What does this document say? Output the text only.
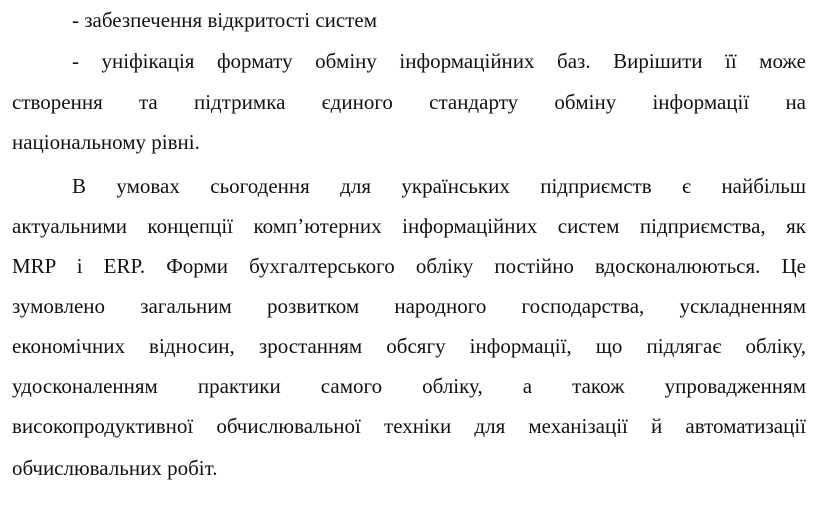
- забезпечення відкритості систем
- уніфікація формату обміну інформаційних баз. Вирішити її може
створення та підтримка єдиного стандарту обміну інформації на
національному рівні.
В умовах сьогодення для українських підприємств є найбільш
актуальними концепції комп’ютерних інформаційних систем підприємства, як
MRP і ERP. Форми бухгалтерського обліку постійно вдосконалюються. Це
зумовлено загальним розвитком народного господарства, ускладненням
економічних відносин, зростанням обсягу інформації, що підлягає обліку,
удосконаленням практики самого обліку, а також упровадженням
високопродуктивної обчислювальної техніки для механізації й автоматизації
обчислювальних робіт.
